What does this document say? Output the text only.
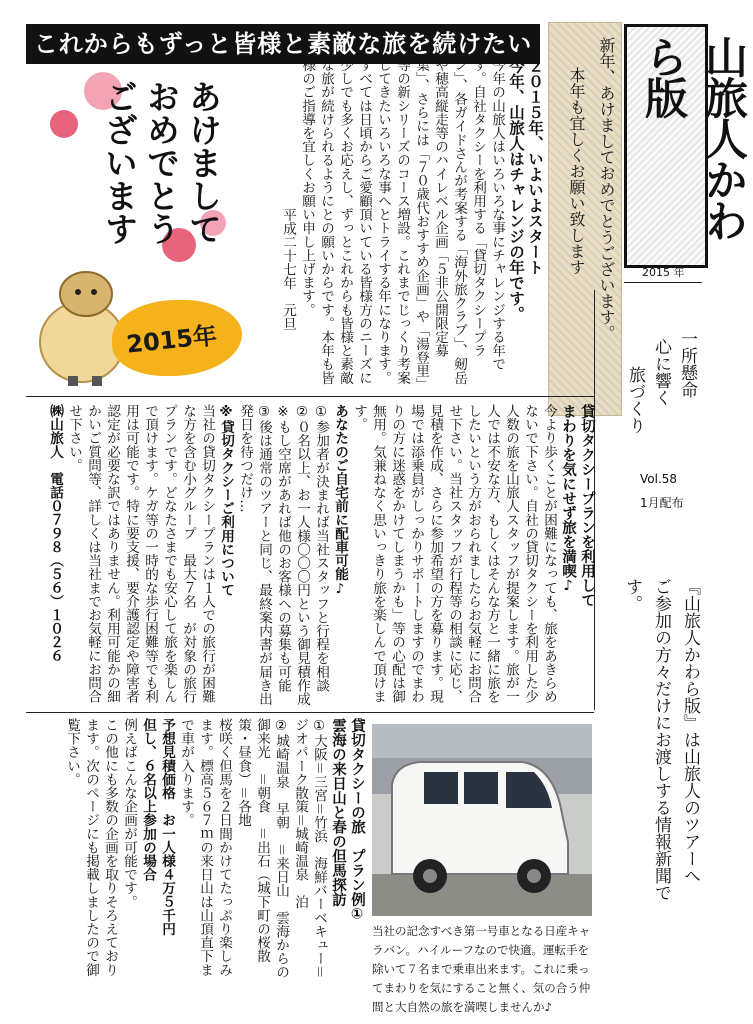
これからもずっと皆様と素敵な旅を続けたい
あけまして
おめでとう
ございます
2015年
２０１５年、いよいよスタート
今年、山旅人はチャレンジの年です。
今年の山旅人はいろいろな事にチャレンジする年です。自社タクシーを利用する「貸切タクシープラン」、各ガイドさんが考案する「海外旅クラブ」、剱岳や穂高縦走等のハイレベル企画「５非公開限定募集」、さらには「７０歳代おすすめ企画」や「湯登里」等の新シリーズのコース増設。これまでじっくり考案してきたいろいろな事へとトライする年になります。すべては日頃からご愛顧頂いている皆様方のニーズに少しでも多くお応えし、ずっとこれからも皆様と素敵な旅が続けられるようにとの願いからです。本年も皆様のご指導を宜しくお願い申し上げます。
平成二十七年　元旦	新年、あけましておめでとうございます。
本年も宜しくお願い致します	山旅人かわら版
2015 年
一所懸命
心に響く
旅づくり
Vol.58
1月配布
『山旅人かわら版』は山旅人のツアーへ
ご参加の方々だけにお渡しする情報新聞です。
貸切タクシープランを利用して
まわりを気にせず旅を満喫♪
今より歩くことが困難になっても、旅をあきらめないで下さい。自社の貸切タクシーを利用した少人数の旅を山旅人スタッフが提案します。旅が一人では不安な方、もしくはそんな方と一緒に旅をしたいという方がおられましたらお気軽にお問合せ下さい。当社スタッフが行程等の相談に応じ、見積を作成、さらに参加希望の方を募ります。現場では添乗員がしっかりサポートしますのでまわりの方に迷惑をかけてしまうかも」等の心配は御無用。気兼ねなく思いっきり旅を楽しんで頂けます。
あなたのご自宅前に配車可能♪
①参加者が決まれば当社スタッフと行程を相談
②０名以上、お一人様〇〇〇円という御見積作成
※もし空席があれば他のお客様への募集も可能
③後は通常のツアーと同じ、最終案内書が届き出発日を待つだけ…
※貸切タクシーご利用について
当社の貸切タクシープランは１人での旅行が困難な方を含む小グループ　最大７名　が対象の旅行プランです。どなたさまでも安心して旅を楽しんで頂けます。ケガ等の一時的な歩行困難等でも利用は可能です。特に要支援、要介護認定や障害者認定が必要な訳ではありません。利用可能かの細かいご質問等、詳しくは当社までお気軽にお問合せ下さい。
㈱山旅人　電話０７９８（５６）１０２６
貸切タクシーの旅　プラン例①
雲海の来日山と春の但馬探訪
①大阪＝三宮＝竹浜　海鮮バーベキュー＝ジオパーク散策＝城崎温泉　泊
②城崎温泉　早朝　＝来日山　雲海からの御来光　＝朝食　＝出石（城下町の桜散策・昼食）＝各地
桜咲く但馬を２日間かけてたっぷり楽しみます。標高５６７ｍの来日山は山頂直下まで車が入ります。
予想見積価格　お一人様４万５千円
但し、６名以上参加の場合
例えばこんな企画が可能です。
この他にも多数の企画を取りそろえております。次のページにも掲載しましたので御覧下さい。
当社の記念すべき第一号車となる日産キャラバン。ハイルーフなので快適。運転手を除いて７名まで乗車出来ます。これに乗ってまわりを気にすること無く、気の合う仲間と大自然の旅を満喫しませんか♪
